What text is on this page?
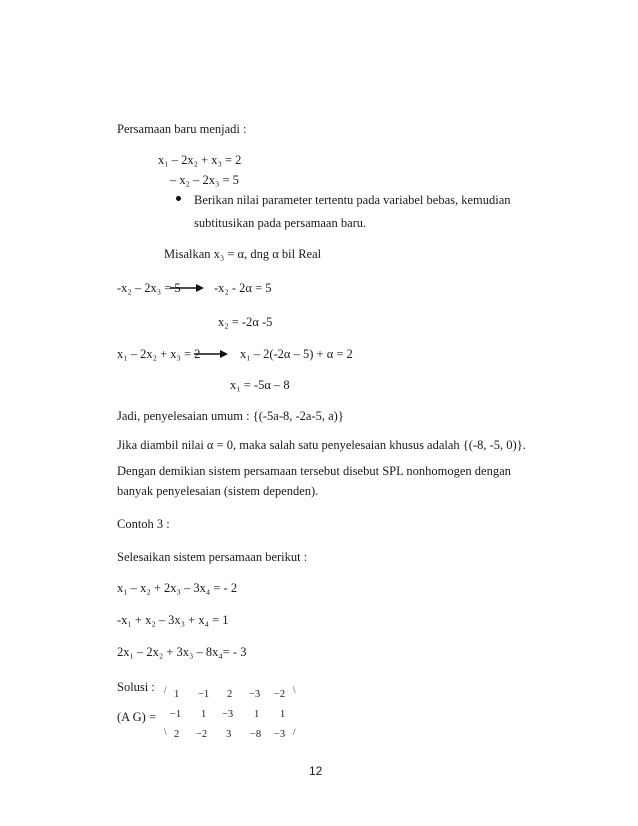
Persamaan baru menjadi :
x₁ – 2x₂ + x₃ = 2
– x₂ – 2x₃ = 5
Berikan nilai parameter tertentu pada variabel bebas, kemudian
subtitusikan pada persamaan baru.
Misalkan x₃ = α, dng α bil Real
-x₂ – 2x₃ = 5	-x₂ - 2α = 5
x₂ = -2α -5
x₁ – 2x₂ + x₃ = 2	x₁ – 2(-2α – 5) + α = 2
x₁ = -5α – 8
Jadi, penyelesaian umum : {(-5a-8, -2a-5, a)}
Jika diambil nilai α = 0, maka salah satu penyelesaian khusus adalah {(-8, -5, 0)}.
Dengan demikian sistem persamaan tersebut disebut SPL nonhomogen dengan
banyak penyelesaian (sistem dependen).
Contoh 3 :
Selesaikan sistem persamaan berikut :
x₁ – x₂ + 2x₃ – 3x₄ = - 2
-x₁ + x₂ – 3x₃ + x₄ = 1
2x₁ – 2x₂ + 3x₃ – 8x₄= - 3
Solusi :
(A G) =
/
\
\
/
1 −1 2 −3 −2
−1 1 −3 1 1
2 −2 3 −8 −3
12
